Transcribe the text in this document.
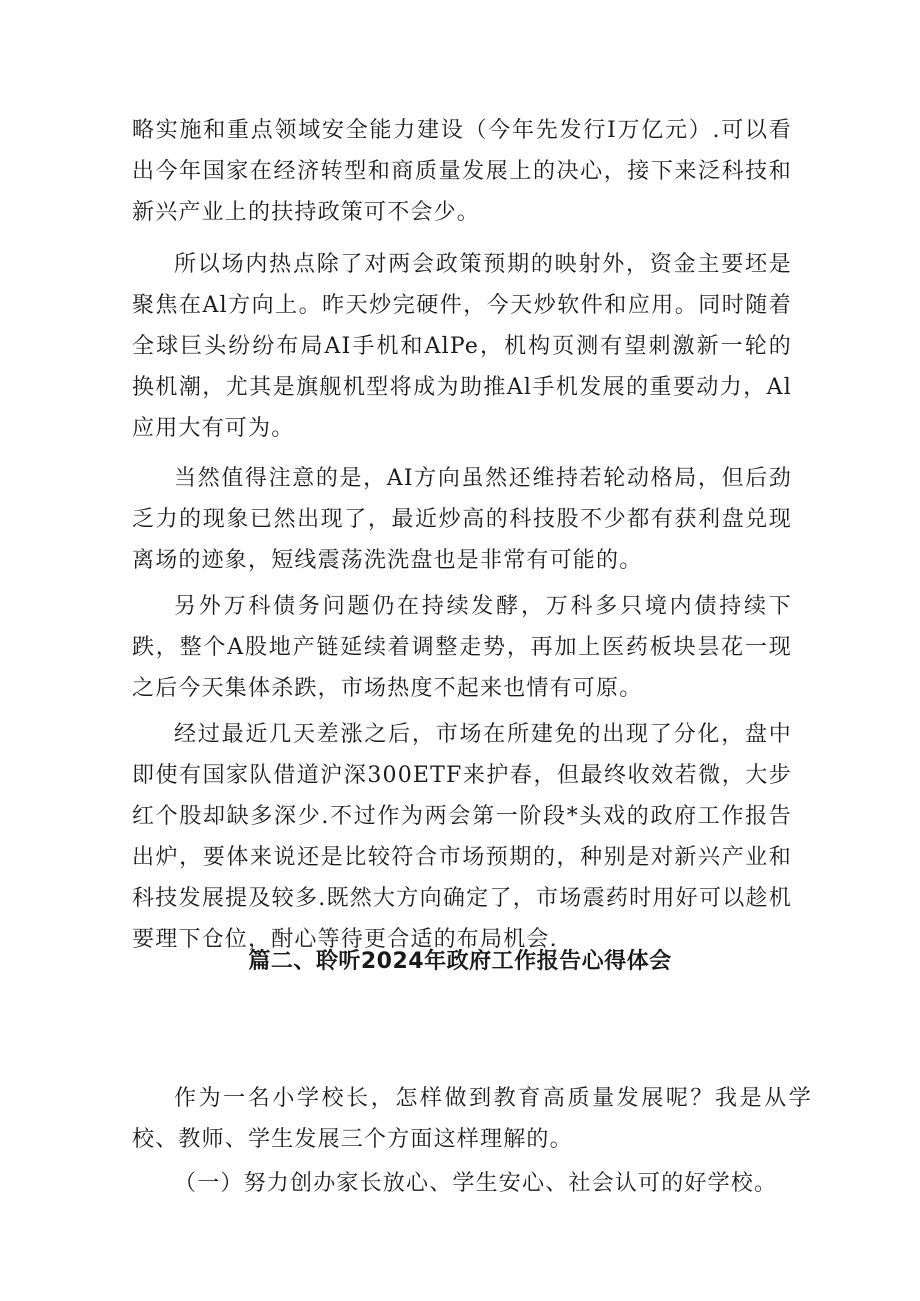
略实施和重点领域安全能力建设（今年先发行I万亿元）.可以看出今年国家在经济转型和商质量发展上的决心，接下来泛科技和新兴产业上的扶持政策可不会少。

所以场内热点除了对两会政策预期的映射外，资金主要坯是聚焦在Al方向上。昨天炒完硬件，今天炒软件和应用。同时随着全球巨头纷纷布局AI手机和AlPe，机构页测有望刺激新一轮的换机潮，尤其是旗舰机型将成为助推Al手机发展的重要动力，Al应用大有可为。

当然值得注意的是，AI方向虽然还维持若轮动格局，但后劲乏力的现象已然出现了，最近炒高的科技股不少都有获利盘兑现离场的迹象，短线震荡洗洗盘也是非常有可能的。

另外万科债务问题仍在持续发酵，万科多只境内债持续下跌，整个A股地产链延续着调整走势，再加上医药板块昙花一现之后今天集体杀跌，市场热度不起来也情有可原。

经过最近几天差涨之后，市场在所建免的出现了分化，盘中即使有国家队借道沪深300ETF来护春，但最终收效若微，大步红个股却缺多深少.不过作为两会第一阶段*头戏的政府工作报告出炉，要体来说还是比较符合市场预期的，种别是对新兴产业和科技发展提及较多.既然大方向确定了，市场震药时用好可以趁机要理下仓位，酎心等待更合适的布局机会.

篇二、聆听2024年政府工作报告心得体会

作为一名小学校长，怎样做到教育高质量发展呢？我是从学校、教师、学生发展三个方面这样理解的。

（一）努力创办家长放心、学生安心、社会认可的好学校。
